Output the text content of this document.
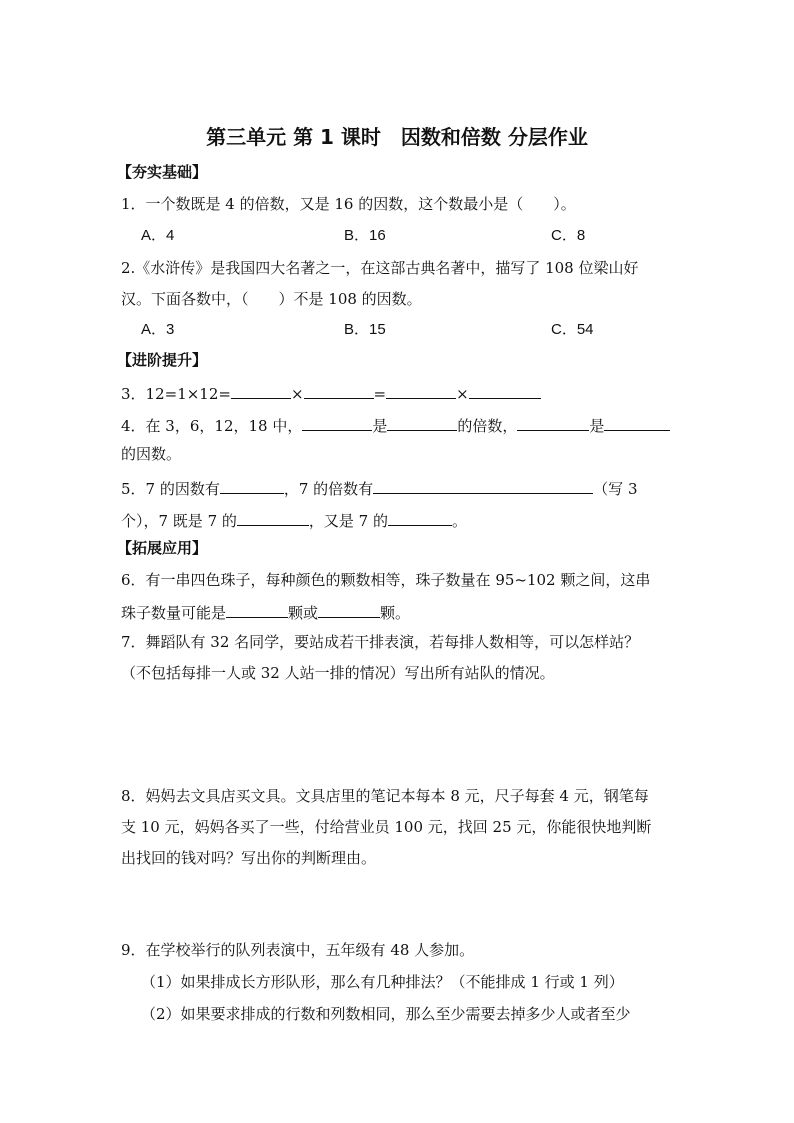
第三单元 第 1 课时　因数和倍数 分层作业
【夯实基础】
1．一个数既是 4 的倍数，又是 16 的因数，这个数最小是（　　）。
A．4	B．16	C．8
2.《水浒传》是我国四大名著之一，在这部古典名著中，描写了 108 位梁山好
汉。下面各数中，（　　）不是 108 的因数。
A．3	B．15	C．54
【进阶提升】
3．12=1×12=	×	=	×
4．在 3，6，12，18 中，	是	的倍数，	是
的因数。
5．7 的因数有	，7 的倍数有	（写 3
个），7 既是 7 的	，又是 7 的	。
【拓展应用】
6．有一串四色珠子，每种颜色的颗数相等，珠子数量在 95~102 颗之间，这串
珠子数量可能是	颗或	颗。
7．舞蹈队有 32 名同学，要站成若干排表演，若每排人数相等，可以怎样站？
（不包括每排一人或 32 人站一排的情况）写出所有站队的情况。
8．妈妈去文具店买文具。文具店里的笔记本每本 8 元，尺子每套 4 元，钢笔每
支 10 元，妈妈各买了一些，付给营业员 100 元，找回 25 元，你能很快地判断
出找回的钱对吗？写出你的判断理由。
9．在学校举行的队列表演中，五年级有 48 人参加。
（1）如果排成长方形队形，那么有几种排法？（不能排成 1 行或 1 列）
（2）如果要求排成的行数和列数相同，那么至少需要去掉多少人或者至少
